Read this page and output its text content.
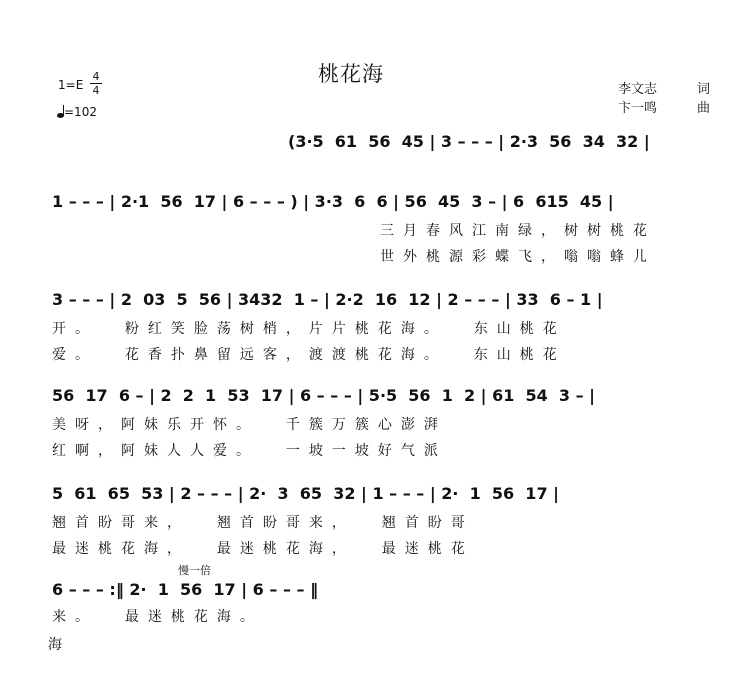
桃花海
$1=E \frac{4}{4}$
=102
李文志	词
卞一鸣	曲
(3·5  61  56  45 | 3 – – – | 2·3  56  34  32 |
1 – – – | 2·1  56  17 | 6 – – – ) | 3·3  6  6 | 56  45  3 – | 6  615  45 |
三月春风江南绿，树树桃花
世外桃源彩蝶飞，嗡嗡蜂儿
3 – – – | 2  03  5  56 | 3432  1 – | 2·2  16  12 | 2 – – – | 33  6 – 1 |
开。  粉红笑脸荡树梢，片片桃花海。  东山桃花
爱。  花香扑鼻留远客，渡渡桃花海。  东山桃花
56  17  6 – | 2  2  1  53  17 | 6 – – – | 5·5  56  1  2 | 61  54  3 – |
美呀，阿妹乐开怀。  千簇万簇心澎湃
红啊，阿妹人人爱。  一坡一坡好气派
5  61  65  53 | 2 – – – | 2·  3  65  32 | 1 – – – | 2·  1  56  17 |
翘首盼哥来，  翘首盼哥来，  翘首盼哥
最迷桃花海，  最迷桃花海，  最迷桃花
慢一倍
6 – – – :‖ 2·  1  56  17 | 6 – – – ‖
来。  最迷桃花海。
海
